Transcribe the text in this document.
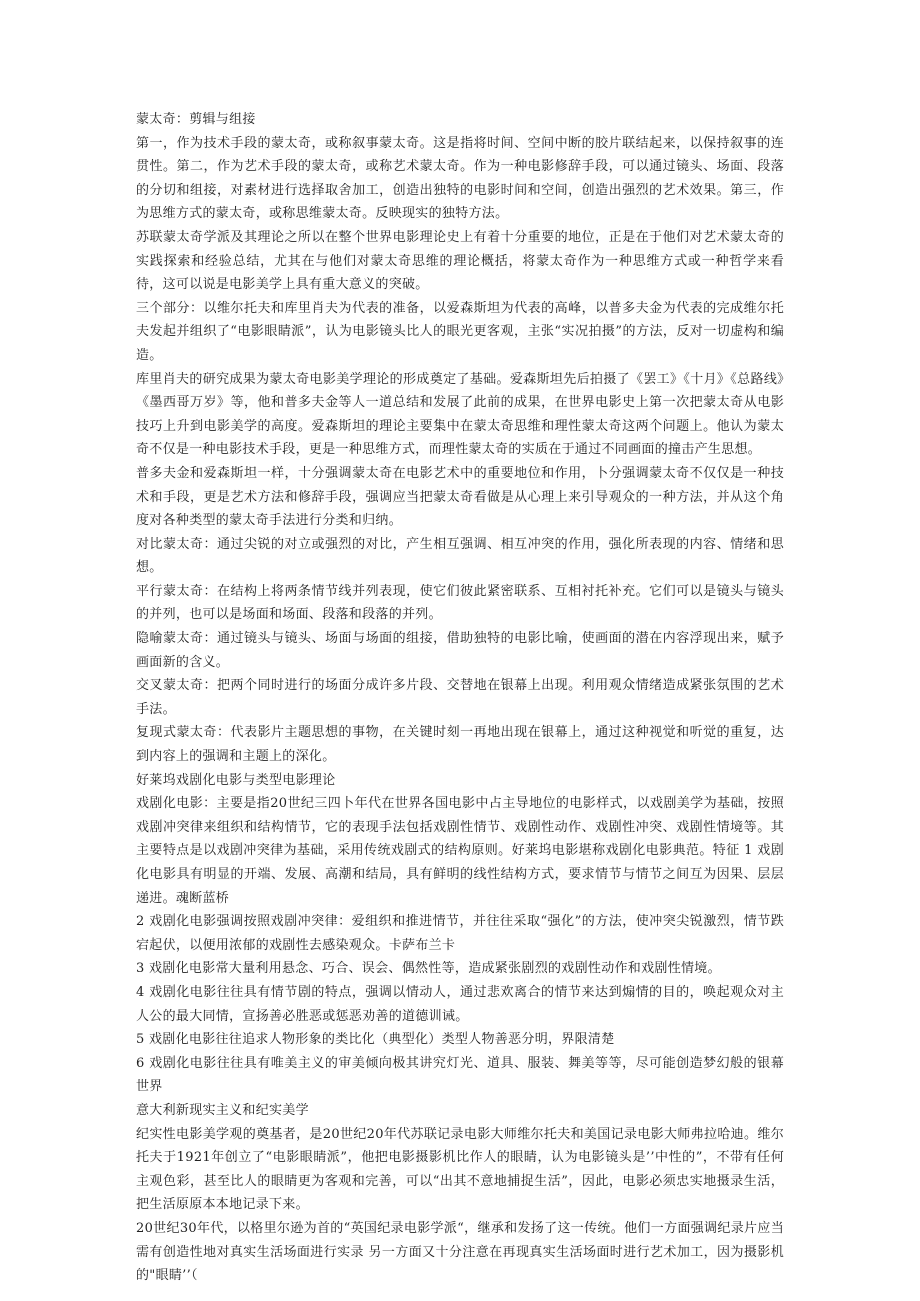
蒙太奇：剪辑与组接

第一，作为技术手段的蒙太奇，或称叙事蒙太奇。这是指将时间、空间中断的胶片联结起来，以保持叙事的连贯性。第二，作为艺术手段的蒙太奇，或称艺术蒙太奇。作为一种电影修辞手段，可以通过镜头、场面、段落的分切和组接，对素材进行选择取舍加工，创造出独特的电影时间和空间，创造出强烈的艺术效果。第三，作为思维方式的蒙太奇，或称思维蒙太奇。反映现实的独特方法。

苏联蒙太奇学派及其理论之所以在整个世界电影理论史上有着十分重要的地位，正是在于他们对艺术蒙太奇的实践探索和经验总结，尤其在与他们对蒙太奇思维的理论概括，将蒙太奇作为一种思维方式或一种哲学来看待，这可以说是电影美学上具有重大意义的突破。

三个部分：以维尔托夫和库里肖夫为代表的准备，以爱森斯坦为代表的高峰，以普多夫金为代表的完成维尔托夫发起并组织了“电影眼睛派”，认为电影镜头比人的眼光更客观，主张“实况拍摄”的方法，反对一切虚构和编造。

库里肖夫的研究成果为蒙太奇电影美学理论的形成奠定了基础。爱森斯坦先后拍摄了《罢工》《十月》《总路线》《墨西哥万岁》等，他和普多夫金等人一道总结和发展了此前的成果，在世界电影史上第一次把蒙太奇从电影技巧上升到电影美学的高度。爱森斯坦的理论主要集中在蒙太奇思维和理性蒙太奇这两个问题上。他认为蒙太奇不仅是一种电影技术手段，更是一种思维方式，而理性蒙太奇的实质在于通过不同画面的撞击产生思想。

普多夫金和爱森斯坦一样，十分强调蒙太奇在电影艺术中的重要地位和作用，卜分强调蒙太奇不仅仅是一种技术和手段，更是艺术方法和修辞手段，强调应当把蒙太奇看做是从心理上来引导观众的一种方法，并从这个角度对各种类型的蒙太奇手法进行分类和归纳。

对比蒙太奇：通过尖锐的对立或强烈的对比，产生相互强调、相互冲突的作用，强化所表现的内容、情绪和思想。

平行蒙太奇：在结构上将两条情节线并列表现，使它们彼此紧密联系、互相衬托补充。它们可以是镜头与镜头的并列，也可以是场面和场面、段落和段落的并列。

隐喻蒙太奇：通过镜头与镜头、场面与场面的组接，借助独特的电影比喻，使画面的潜在内容浮现出来，赋予画面新的含义。

交叉蒙太奇：把两个同时进行的场面分成许多片段、交替地在银幕上出现。利用观众情绪造成紧张氛围的艺术手法。

复现式蒙太奇：代表影片主题思想的事物，在关键时刻一再地出现在银幕上，通过这种视觉和听觉的重复，达到内容上的强调和主题上的深化。

好莱坞戏剧化电影与类型电影理论

戏剧化电影：主要是指20世纪三四卜年代在世界各国电影中占主导地位的电影样式，以戏剧美学为基础，按照戏剧冲突律来组织和结构情节，它的表现手法包括戏剧性情节、戏剧性动作、戏剧性冲突、戏剧性情境等。其主要特点是以戏剧冲突律为基础，采用传统戏剧式的结构原则。好莱坞电影堪称戏剧化电影典范。特征 1 戏剧化电影具有明显的开端、发展、高潮和结局，具有鲜明的线性结构方式，要求情节与情节之间互为因果、层层递进。魂断蓝桥

2 戏剧化电影强调按照戏剧冲突律：爱组织和推进情节，并往往采取“强化”的方法，使冲突尖锐激烈，情节跌宕起伏，以便用浓郁的戏剧性去感染观众。卡萨布兰卡

3 戏剧化电影常大量利用悬念、巧合、误会、偶然性等，造成紧张剧烈的戏剧性动作和戏剧性情境。

4 戏剧化电影往往具有情节剧的特点，强调以情动人，通过悲欢离合的情节来达到煽情的目的，唤起观众对主人公的最大同情，宣扬善必胜恶或惩恶劝善的道德训诫。

5 戏剧化电影往往追求人物形象的类比化（典型化）类型人物善恶分明，界限清楚

6 戏剧化电影往往具有唯美主义的审美倾向极其讲究灯光、道具、服装、舞美等等，尽可能创造梦幻般的银幕世界

意大利新现实主义和纪实美学

纪实性电影美学观的奠基者，是20世纪20年代苏联记录电影大师维尔托夫和美国记录电影大师弗拉哈迪。维尔托夫于1921年创立了“电影眼睛派”，他把电影摄影机比作人的眼睛，认为电影镜头是’’中性的”，不带有任何主观色彩，甚至比人的眼睛更为客观和完善，可以“出其不意地捕捉生活”，因此，电影必须忠实地摄录生活，把生活原原本本地记录下来。

20世纪30年代，以格里尔逊为首的“英国纪录电影学派“，继承和发扬了这一传统。他们一方面强调纪录片应当需有创造性地对真实生活场面进行实录 另一方面又十分注意在再现真实生活场面时进行艺术加工，因为摄影机的"眼睛’’（
